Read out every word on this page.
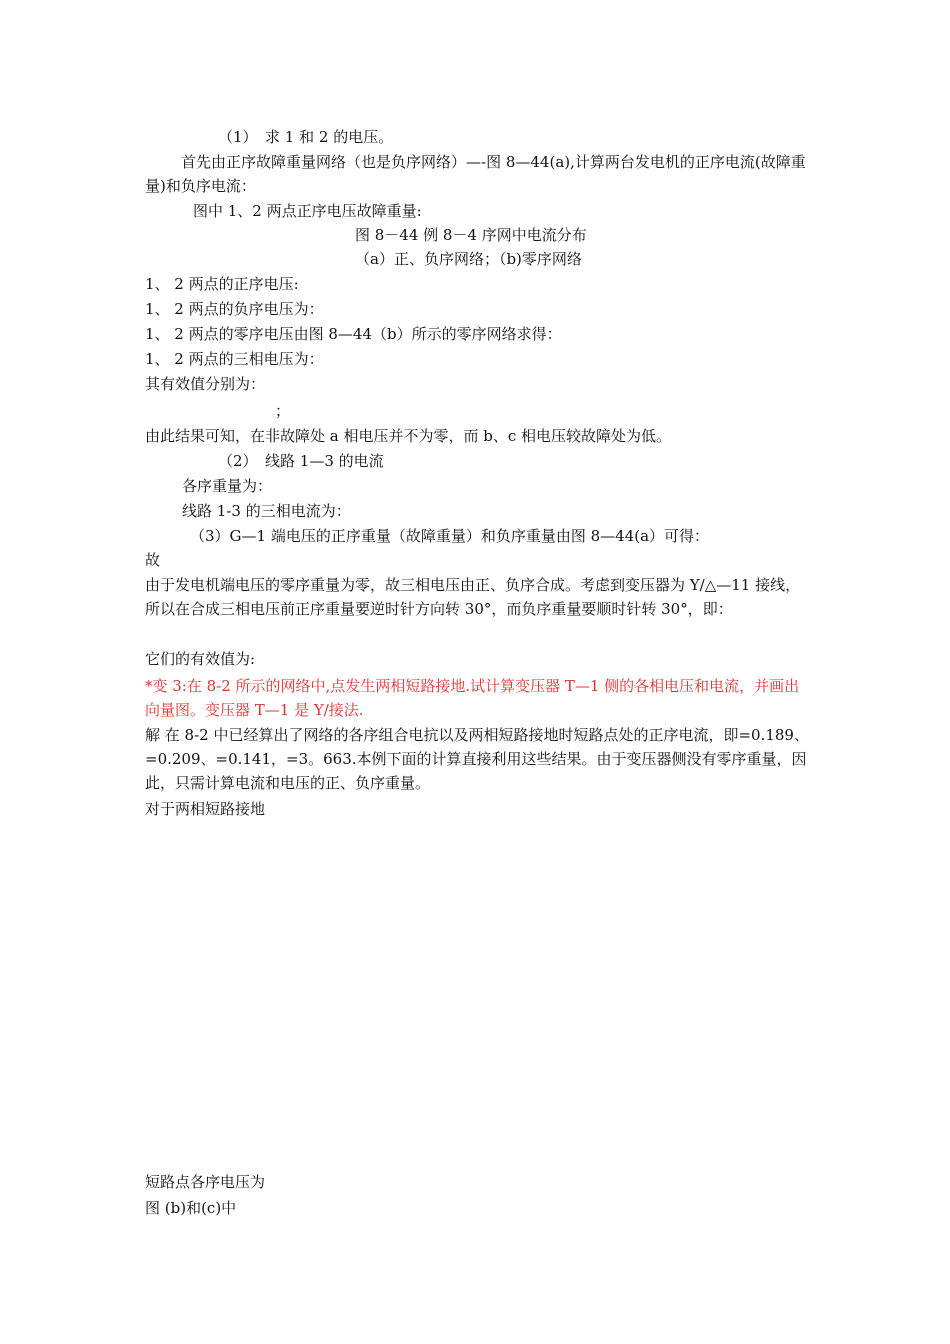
（1）　求 1 和 2 的电压。
首先由正序故障重量网络（也是负序网络）—-图 8—44(a),计算两台发电机的正序电流(故障重量)和负序电流：
图中 1、2 两点正序电压故障重量:
图 8－44 例 8－4 序网中电流分布
（a）正、负序网络；（b)零序网络
1、 2 两点的正序电压:
1、 2 两点的负序电压为：
1、 2 两点的零序电压由图 8—44（b）所示的零序网络求得：
1、 2 两点的三相电压为：
其有效值分别为：
；
由此结果可知，在非故障处 a 相电压并不为零，而 b、c 相电压较故障处为低。
（2）　线路 1—3 的电流
各序重量为：
线路 1-3 的三相电流为：
（3）G—1 端电压的正序重量（故障重量）和负序重量由图 8—44(a）可得：
故
由于发电机端电压的零序重量为零，故三相电压由正、负序合成。考虑到变压器为 Y/△—11 接线，所以在合成三相电压前正序重量要逆时针方向转 30°，而负序重量要顺时针转 30°，即：
它们的有效值为:
*变 3:在 8-2 所示的网络中,点发生两相短路接地.试计算变压器 T—1 侧的各相电压和电流，并画出向量图。变压器 T—1 是 Y/接法.
解 在 8-2 中已经算出了网络的各序组合电抗以及两相短路接地时短路点处的正序电流，即=0.189、=0.209、=0.141，=3。663.本例下面的计算直接利用这些结果。由于变压器侧没有零序重量，因此，只需计算电流和电压的正、负序重量。
对于两相短路接地
短路点各序电压为
图 (b)和(c)中
